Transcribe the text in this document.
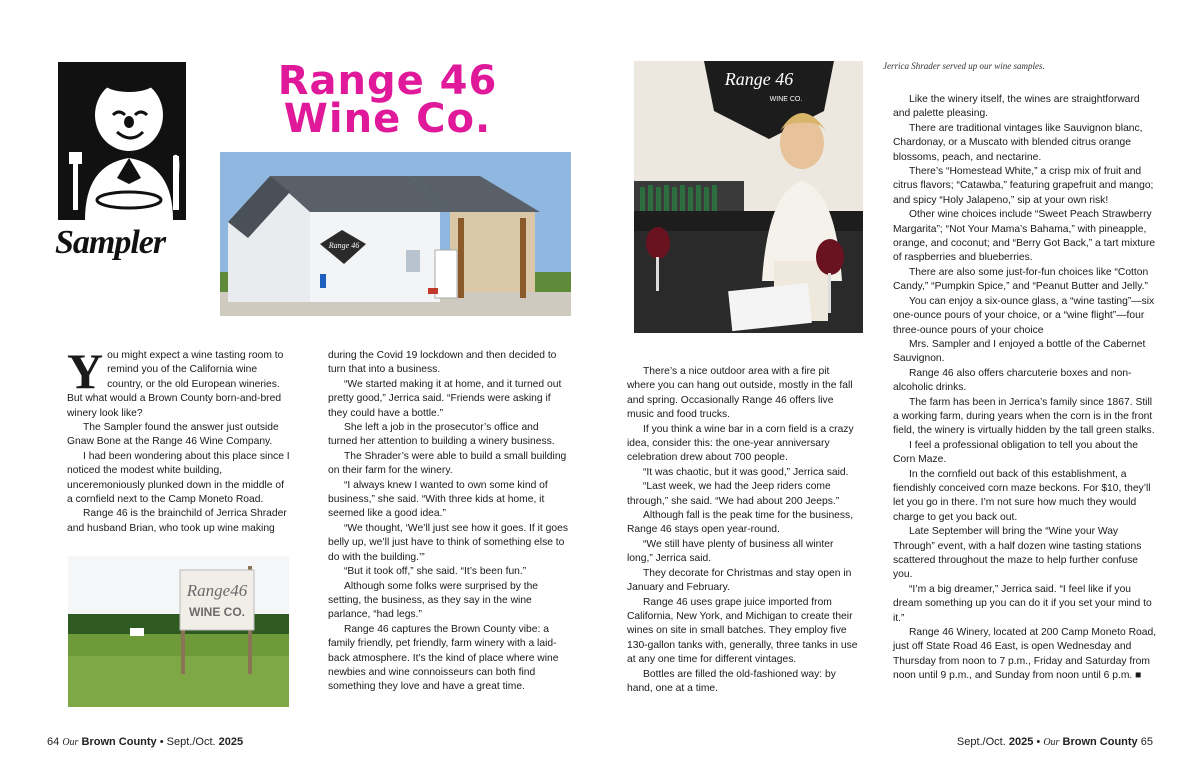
Sampler
Range 46
Wine Co.
Range 46

You might expect a wine tasting room to remind you of the California wine country, or the old European wineries. But what would a Brown County born-and-bred winery look like?

The Sampler found the answer just outside Gnaw Bone at the Range 46 Wine Company.

I had been wondering about this place since I noticed the modest white building, unceremoniously plunked down in the middle of a cornfield next to the Camp Moneto Road.

Range 46 is the brainchild of Jerrica Shrader and husband Brian, who took up wine making

Range46
WINE CO.

during the Covid 19 lockdown and then decided to turn that into a business.

“We started making it at home, and it turned out pretty good,” Jerrica said. “Friends were asking if they could have a bottle.”

She left a job in the prosecutor’s office and turned her attention to building a winery business.

The Shrader’s were able to build a small building on their farm for the winery.

“I always knew I wanted to own some kind of business,” she said. “With three kids at home, it seemed like a good idea.”

“We thought, ‘We’ll just see how it goes. If it goes belly up, we’ll just have to think of something else to do with the building.’”

“But it took off,” she said. “It’s been fun.”

Although some folks were surprised by the setting, the business, as they say in the wine parlance, “had legs.”

Range 46 captures the Brown County vibe: a family friendly, pet friendly, farm winery with a laid-back atmosphere. It’s the kind of place where wine newbies and wine connoisseurs can both find something they love and have a great time.

Range 46
WINE CO.

There’s a nice outdoor area with a fire pit where you can hang out outside, mostly in the fall and spring. Occasionally Range 46 offers live music and food trucks.

If you think a wine bar in a corn field is a crazy idea, consider this: the one-year anniversary celebration drew about 700 people.

“It was chaotic, but it was good,” Jerrica said.

“Last week, we had the Jeep riders come through,” she said. “We had about 200 Jeeps.”

Although fall is the peak time for the business, Range 46 stays open year-round.

“We still have plenty of business all winter long,” Jerrica said.

They decorate for Christmas and stay open in January and February.

Range 46 uses grape juice imported from California, New York, and Michigan to create their wines on site in small batches. They employ five 130-gallon tanks with, generally, three tanks in use at any one time for different vintages.

Bottles are filled the old-fashioned way: by hand, one at a time.

Jerrica Shrader served up our wine samples.

Like the winery itself, the wines are straightforward and palette pleasing.

There are traditional vintages like Sauvignon blanc, Chardonay, or a Muscato with blended citrus orange blossoms, peach, and nectarine.

There’s “Homestead White,” a crisp mix of fruit and citrus flavors; “Catawba,” featuring grapefruit and mango; and spicy “Holy Jalapeno,” sip at your own risk!

Other wine choices include “Sweet Peach Strawberry Margarita”; “Not Your Mama’s Bahama,” with pineapple, orange, and coconut; and “Berry Got Back,” a tart mixture of raspberries and blueberries.

There are also some just-for-fun choices like “Cotton Candy,” “Pumpkin Spice,” and “Peanut Butter and Jelly.”

You can enjoy a six-ounce glass, a “wine tasting”—six one-ounce pours of your choice, or a “wine flight”—four three-ounce pours of your choice

Mrs. Sampler and I enjoyed a bottle of the Cabernet Sauvignon.

Range 46 also offers charcuterie boxes and non-alcoholic drinks.

The farm has been in Jerrica’s family since 1867. Still a working farm, during years when the corn is in the front field, the winery is virtually hidden by the tall green stalks.

I feel a professional obligation to tell you about the Corn Maze.

In the cornfield out back of this establishment, a fiendishly conceived corn maze beckons. For $10, they’ll let you go in there. I’m not sure how much they would charge to get you back out.

Late September will bring the “Wine your Way Through” event, with a half dozen wine tasting stations scattered throughout the maze to help further confuse you.

“I’m a big dreamer,” Jerrica said. “I feel like if you dream something up you can do it if you set your mind to it.”

Range 46 Winery, located at 200 Camp Moneto Road, just off State Road 46 East, is open Wednesday and Thursday from noon to 7 p.m., Friday and Saturday from noon until 9 p.m., and Sunday from noon until 6 p.m. ■

64 Our Brown County • Sept./Oct. 2025	Sept./Oct. 2025 • Our Brown County 65
